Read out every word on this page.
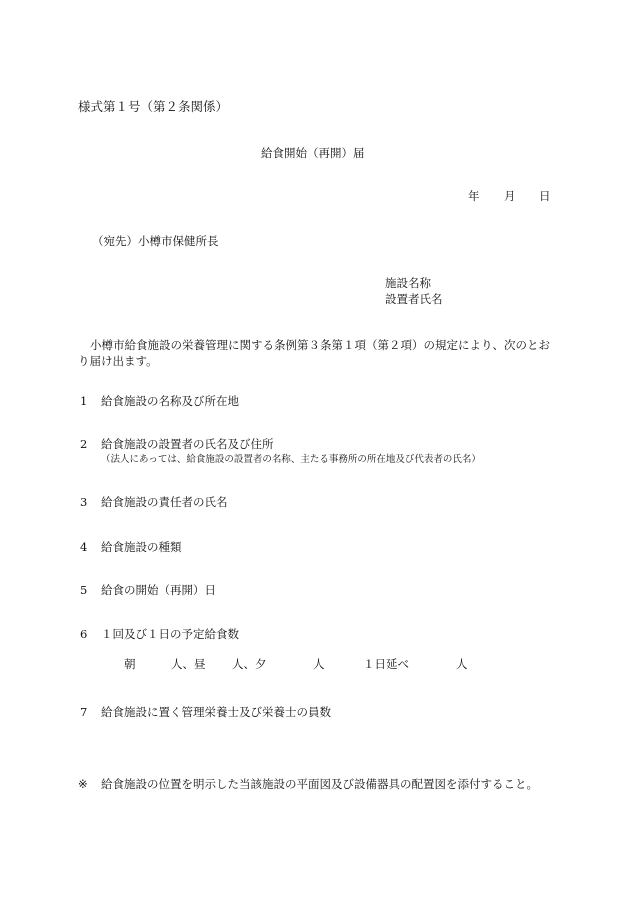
様式第１号（第２条関係）
給食開始（再開）届
年 月 日
（宛先）小樽市保健所長
施設名称
設置者氏名
小樽市給食施設の栄養管理に関する条例第３条第１項（第２項）の規定により、次のとおり届け出ます。
1 給食施設の名称及び所在地
2 給食施設の設置者の氏名及び住所
（法人にあっては、給食施設の設置者の名称、主たる事務所の所在地及び代表者の氏名）
3 給食施設の責任者の氏名
4 給食施設の種類
5 給食の開始（再開）日
6 １回及び１日の予定給食数
朝	人、昼 人、夕	人	１日延べ	人
7 給食施設に置く管理栄養士及び栄養士の員数
※ 給食施設の位置を明示した当該施設の平面図及び設備器具の配置図を添付すること。
